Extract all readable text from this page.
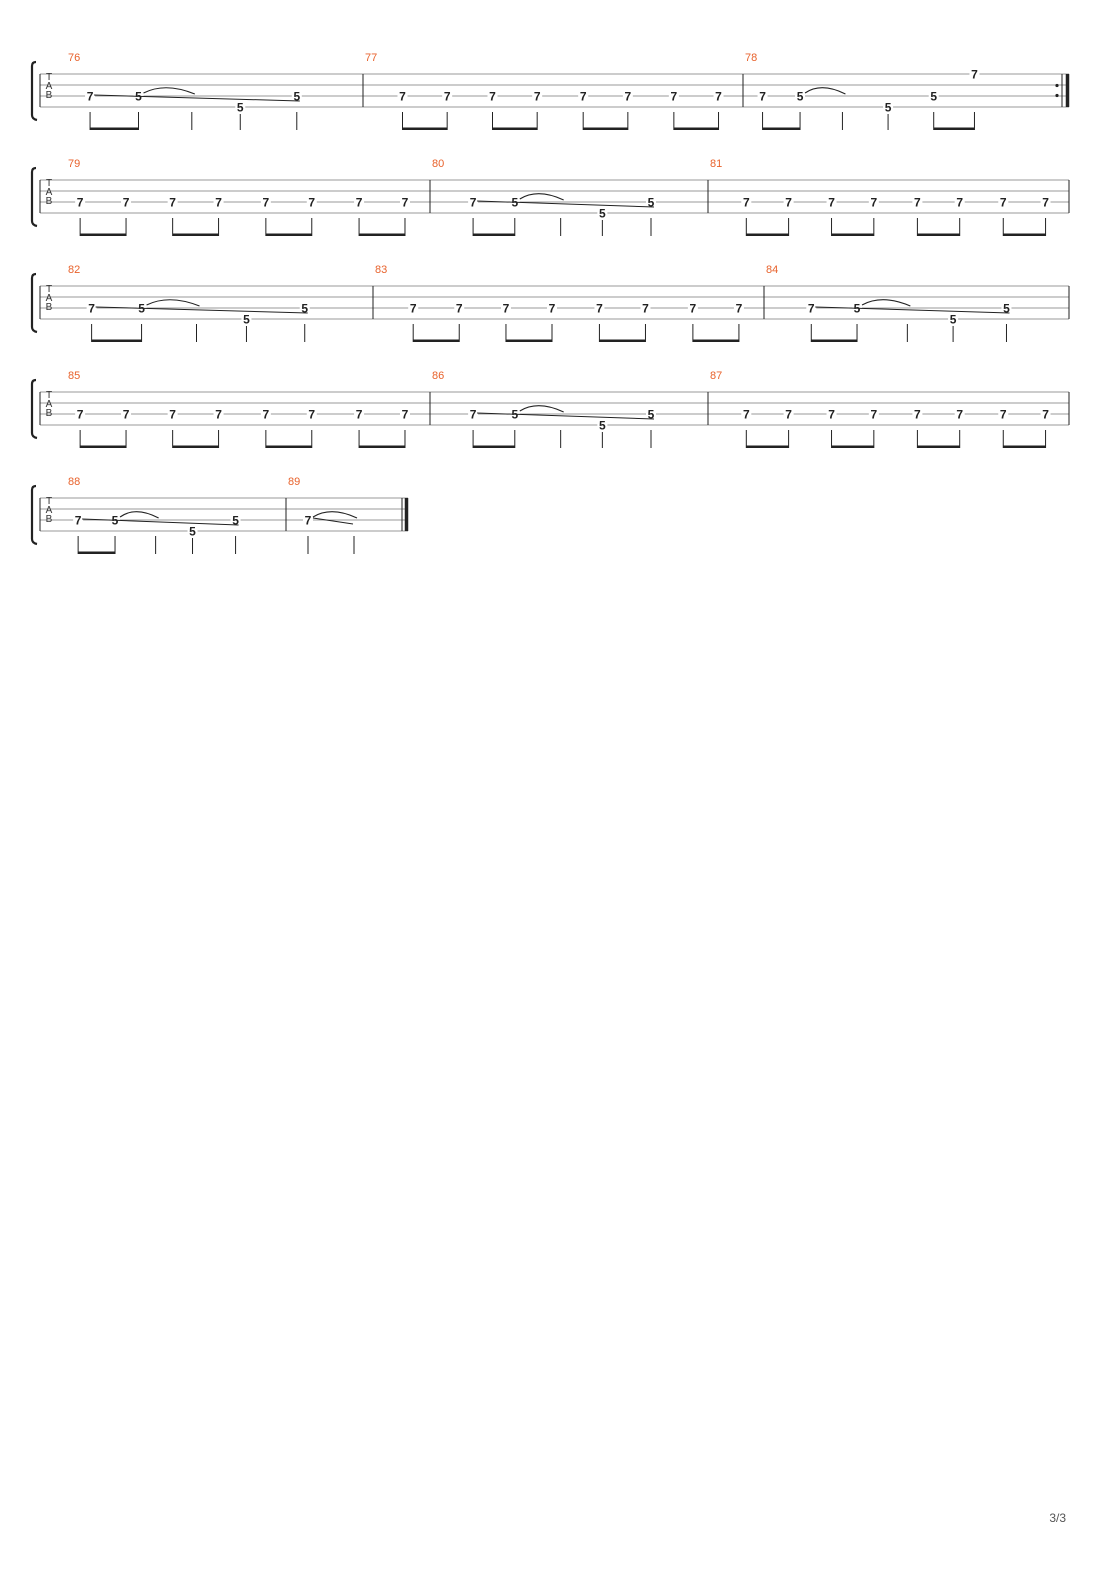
T
A
B
76
7
5
5
77
7	7	7	7	7	7	7	7
78
7	5
5
5
7
T
A
B
79
7	7	7	7	7	7	7	7
80
7
5
5
81
7	7	7	7	7	7	7	7
T
A
B
82
7
5
5
83
7	7	7	7	7	7	7	7
84
7
5
5
T
A
B
85
7	7	7	7	7	7	7	7
86
7
5
5
87
7	7	7	7	7	7	7	7
T
A
B
88
7
5
5
89
7
3/3
